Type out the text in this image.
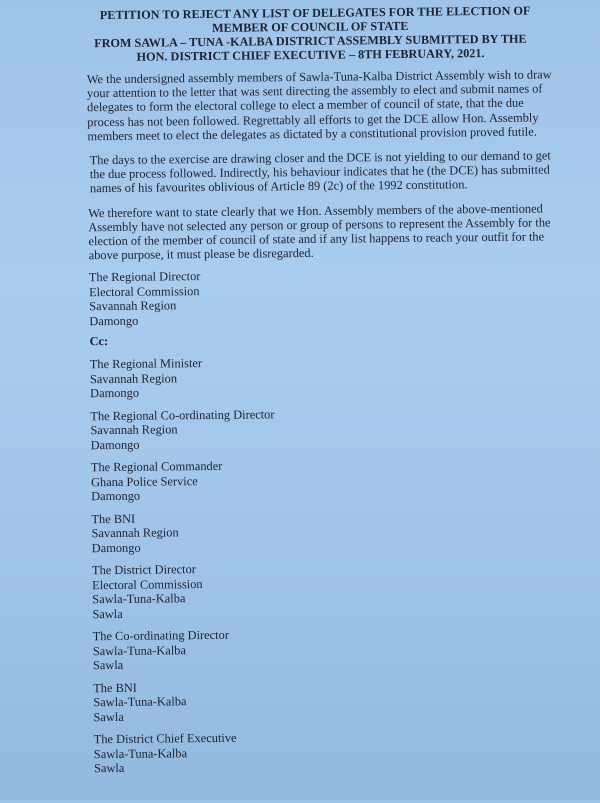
PETITION TO REJECT ANY LIST OF DELEGATES FOR THE ELECTION OF

MEMBER OF COUNCIL OF STATE

FROM SAWLA – TUNA -KALBA DISTRICT ASSEMBLY SUBMITTED BY THE

HON. DISTRICT CHIEF EXECUTIVE – 8TH FEBRUARY, 2021.

We the undersigned assembly members of Sawla-Tuna-Kalba District Assembly wish to draw your attention to the letter that was sent directing the assembly to elect and submit names of delegates to form the electoral college to elect a member of council of state, that the due process has not been followed. Regrettably all efforts to get the DCE allow Hon. Assembly members meet to elect the delegates as dictated by a constitutional provision proved futile.

The days to the exercise are drawing closer and the DCE is not yielding to our demand to get the due process followed. Indirectly, his behaviour indicates that he (the DCE) has submitted names of his favourites oblivious of Article 89 (2c) of the 1992 constitution.

We therefore want to state clearly that we Hon. Assembly members of the above-mentioned Assembly have not selected any person or group of persons to represent the Assembly for the election of the member of council of state and if any list happens to reach your outfit for the above purpose, it must please be disregarded.

The Regional Director
Electoral Commission
Savannah Region
Damongo
Cc:
The Regional Minister
Savannah Region
Damongo
The Regional Co-ordinating Director
Savannah Region
Damongo
The Regional Commander
Ghana Police Service
Damongo
The BNI
Savannah Region
Damongo
The District Director
Electoral Commission
Sawla-Tuna-Kalba
Sawla
The Co-ordinating Director
Sawla-Tuna-Kalba
Sawla
The BNI
Sawla-Tuna-Kalba
Sawla
The District Chief Executive
Sawla-Tuna-Kalba
Sawla
